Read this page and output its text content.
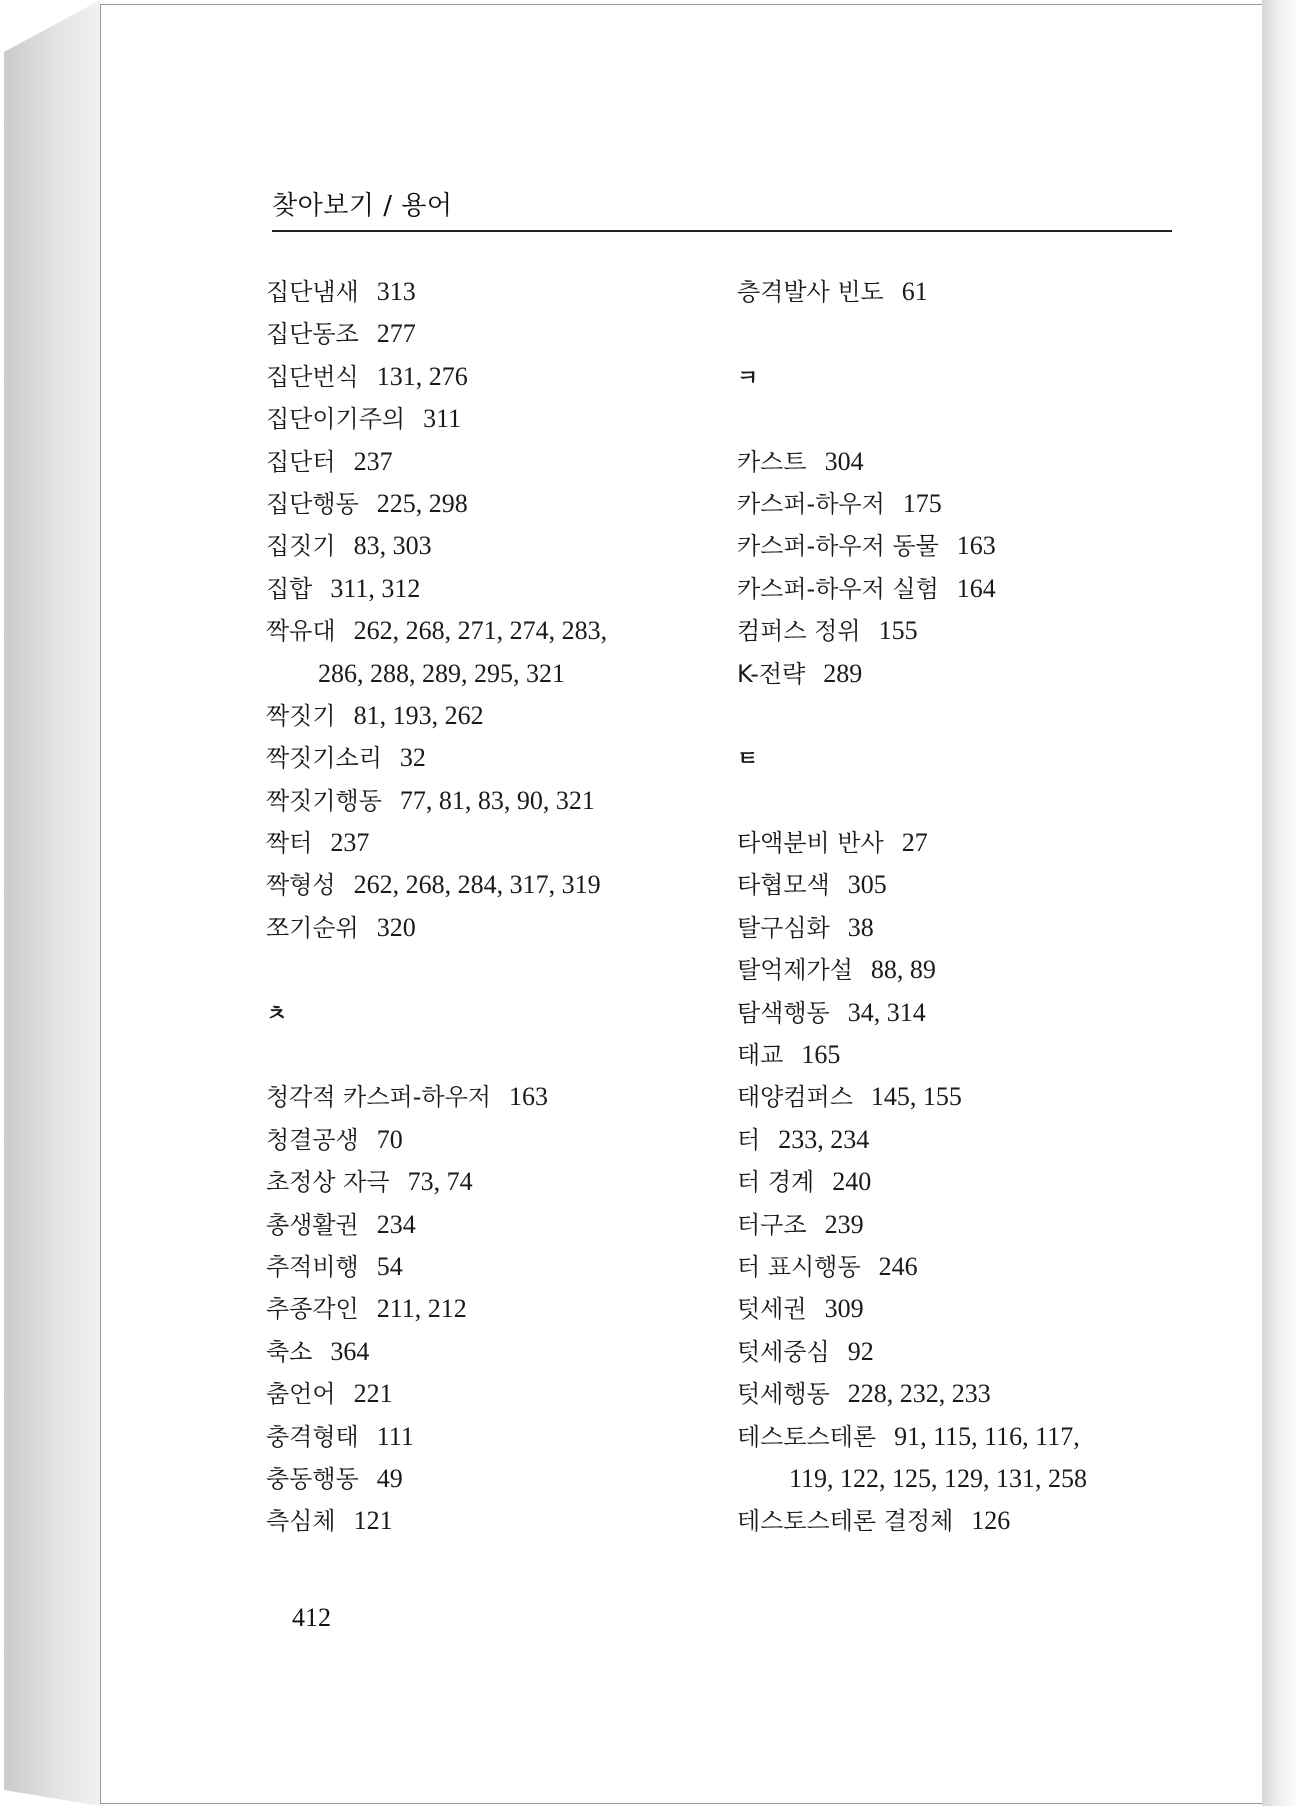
찾아보기 / 용어
집단냄새 313
집단동조 277
집단번식 131, 276
집단이기주의 311
집단터 237
집단행동 225, 298
집짓기 83, 303
집합 311, 312
짝유대 262, 268, 271, 274, 283,
286, 288, 289, 295, 321
짝짓기 81, 193, 262
짝짓기소리 32
짝짓기행동 77, 81, 83, 90, 321
짝터 237
짝형성 262, 268, 284, 317, 319
쪼기순위 320
ㅊ
청각적 카스퍼-하우저 163
청결공생 70
초정상 자극 73, 74
총생활권 234
추적비행 54
추종각인 211, 212
축소 364
춤언어 221
충격형태 111
충동행동 49
측심체 121
층격발사 빈도 61
ㅋ
카스트 304
카스퍼-하우저 175
카스퍼-하우저 동물 163
카스퍼-하우저 실험 164
컴퍼스 정위 155
K-전략 289
ㅌ
타액분비 반사 27
타협모색 305
탈구심화 38
탈억제가설 88, 89
탐색행동 34, 314
태교 165
태양컴퍼스 145, 155
터 233, 234
터 경계 240
터구조 239
터 표시행동 246
텃세권 309
텃세중심 92
텃세행동 228, 232, 233
테스토스테론 91, 115, 116, 117,
119, 122, 125, 129, 131, 258
테스토스테론 결정체 126
412
